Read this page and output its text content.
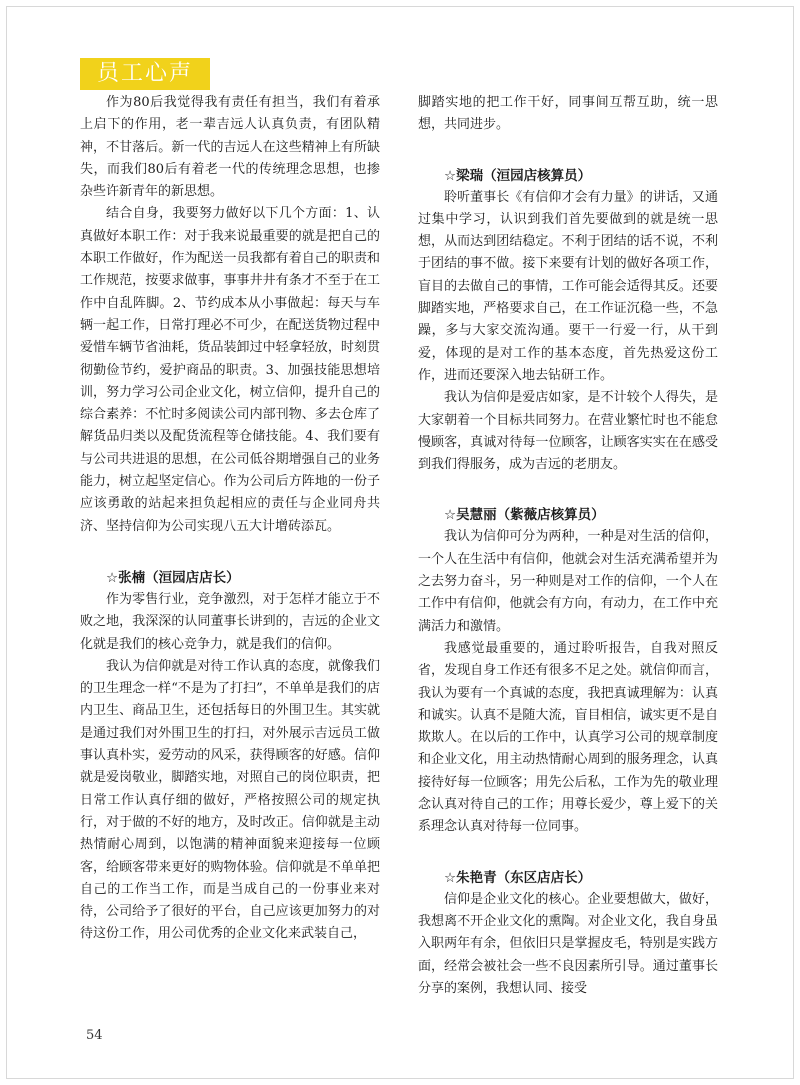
员工心声

作为80后我觉得我有责任有担当，我们有着承上启下的作用，老一辈吉远人认真负责，有团队精神，不甘落后。新一代的吉远人在这些精神上有所缺失，而我们80后有着老一代的传统理念思想，也掺杂些许新青年的新思想。

结合自身，我要努力做好以下几个方面：1、认真做好本职工作：对于我来说最重要的就是把自己的本职工作做好，作为配送一员我都有着自己的职责和工作规范，按要求做事，事事井井有条才不至于在工作中自乱阵脚。2、节约成本从小事做起：每天与车辆一起工作，日常打理必不可少，在配送货物过程中爱惜车辆节省油耗，货品装卸过中轻拿轻放，时刻贯彻勤俭节约，爱护商品的职责。3、加强技能思想培训，努力学习公司企业文化，树立信仰，提升自己的综合素养：不忙时多阅读公司内部刊物、多去仓库了解货品归类以及配货流程等仓储技能。4、我们要有与公司共进退的思想，在公司低谷期增强自己的业务能力，树立起坚定信心。作为公司后方阵地的一份子应该勇敢的站起来担负起相应的责任与企业同舟共济、坚持信仰为公司实现八五大计增砖添瓦。

☆张楠（洹园店店长）

作为零售行业，竞争激烈，对于怎样才能立于不败之地，我深深的认同董事长讲到的，吉远的企业文化就是我们的核心竞争力，就是我们的信仰。

我认为信仰就是对待工作认真的态度，就像我们的卫生理念一样“不是为了打扫”，不单单是我们的店内卫生、商品卫生，还包括每日的外围卫生。其实就是通过我们对外围卫生的打扫，对外展示吉远员工做事认真朴实，爱劳动的风采，获得顾客的好感。信仰就是爱岗敬业，脚踏实地，对照自己的岗位职责，把日常工作认真仔细的做好，严格按照公司的规定执行，对于做的不好的地方，及时改正。信仰就是主动热情耐心周到，以饱满的精神面貌来迎接每一位顾客，给顾客带来更好的购物体验。信仰就是不单单把自己的工作当工作，而是当成自己的一份事业来对待，公司给予了很好的平台，自己应该更加努力的对待这份工作，用公司优秀的企业文化来武装自己，

脚踏实地的把工作干好，同事间互帮互助，统一思想，共同进步。

☆梁瑞（洹园店核算员）

聆听董事长《有信仰才会有力量》的讲话，又通过集中学习，认识到我们首先要做到的就是统一思想，从而达到团结稳定。不利于团结的话不说，不利于团结的事不做。接下来要有计划的做好各项工作，盲目的去做自己的事情，工作可能会适得其反。还要脚踏实地，严格要求自己，在工作证沉稳一些，不急躁，多与大家交流沟通。要干一行爱一行，从干到爱，体现的是对工作的基本态度，首先热爱这份工作，进而还要深入地去钻研工作。

我认为信仰是爱店如家，是不计较个人得失，是大家朝着一个目标共同努力。在营业繁忙时也不能怠慢顾客，真诚对待每一位顾客，让顾客实实在在感受到我们得服务，成为吉远的老朋友。

☆吴慧丽（紫薇店核算员）

我认为信仰可分为两种，一种是对生活的信仰，一个人在生活中有信仰，他就会对生活充满希望并为之去努力奋斗，另一种则是对工作的信仰，一个人在工作中有信仰，他就会有方向，有动力，在工作中充满活力和激情。

我感觉最重要的，通过聆听报告，自我对照反省，发现自身工作还有很多不足之处。就信仰而言，我认为要有一个真诚的态度，我把真诚理解为：认真和诚实。认真不是随大流，盲目相信，诚实更不是自欺欺人。在以后的工作中，认真学习公司的规章制度和企业文化，用主动热情耐心周到的服务理念，认真接待好每一位顾客；用先公后私，工作为先的敬业理念认真对待自己的工作；用尊长爱少，尊上爱下的关系理念认真对待每一位同事。

☆朱艳青（东区店店长）

信仰是企业文化的核心。企业要想做大，做好，我想离不开企业文化的熏陶。对企业文化，我自身虽入职两年有余，但依旧只是掌握皮毛，特别是实践方面，经常会被社会一些不良因素所引导。通过董事长分享的案例，我想认同、接受

54
